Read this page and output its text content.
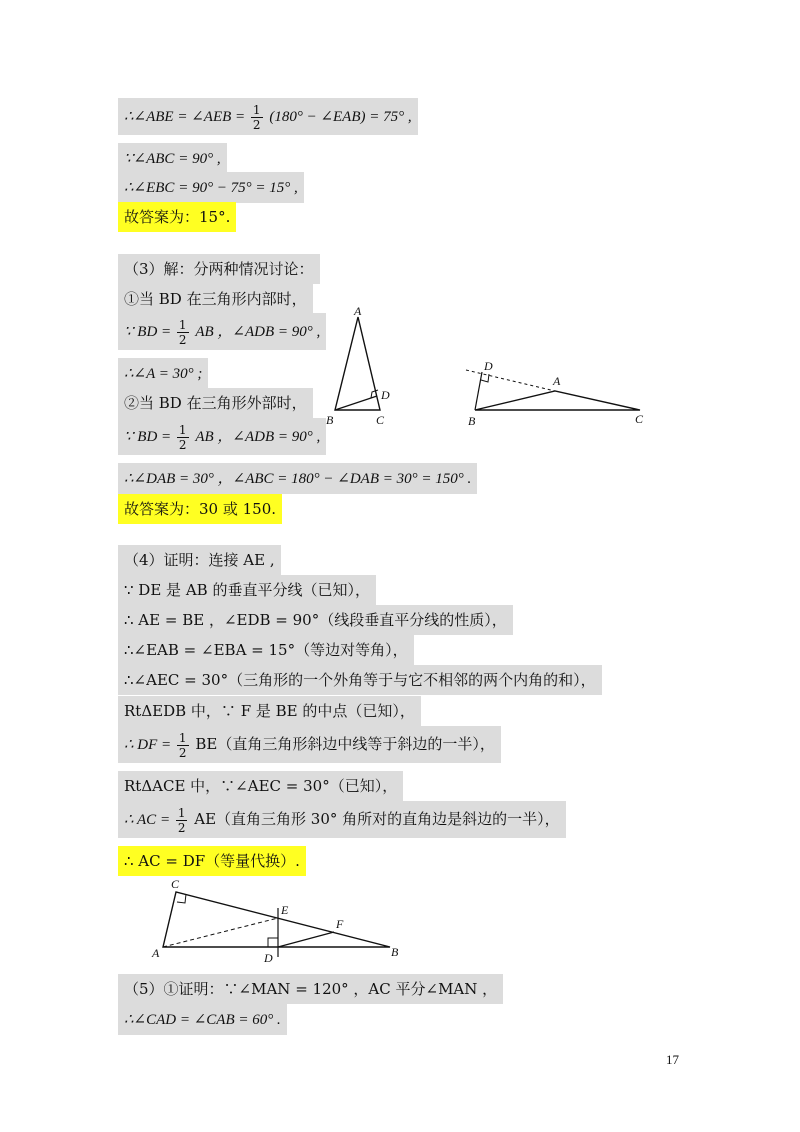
∴∠ABE = ∠AEB = $\frac{1}{2} (180^\circ$ − ∠EAB) = 75° ,
∵∠ABC = 90° ,
∴∠EBC = 90° − 75° = 15° ,
故答案为：15°.
（3）解：分两种情况讨论：
①当 BD 在三角形内部时，
∵ BD = $\frac{1}{2}$ AB ，∠ADB = 90° ,
∴∠A = 30° ;
②当 BD 在三角形外部时，
∵ BD = $\frac{1}{2}$ AB ，∠ADB = 90° ,
∴∠DAB = 30° ，∠ABC = 180° − ∠DAB = 30° = 150° .
故答案为：30 或 150.
（4）证明：连接 AE ,
∵ DE 是 AB 的垂直平分线（已知），
∴ AE = BE ，∠EDB = 90°（线段垂直平分线的性质），
∴∠EAB = ∠EBA = 15°（等边对等角），
∴∠AEC = 30°（三角形的一个外角等于与它不相邻的两个内角的和），
RtΔEDB 中，∵ F 是 BE 的中点（已知），
∴ DF = $\frac{1}{2} BE$（直角三角形斜边中线等于斜边的一半），
RtΔACE 中，∵∠AEC = 30°（已知），
∴ AC = $\frac{1}{2} AE$（直角三角形 30° 角所对的直角边是斜边的一半），
∴ AC = DF（等量代换）.
（5）①证明：∵∠MAN = 120° ，AC 平分∠MAN ，
∴∠CAD = ∠CAB = 60° .
A
B	C
D
D
A
B	C
C
A	D
E
F
B
17
